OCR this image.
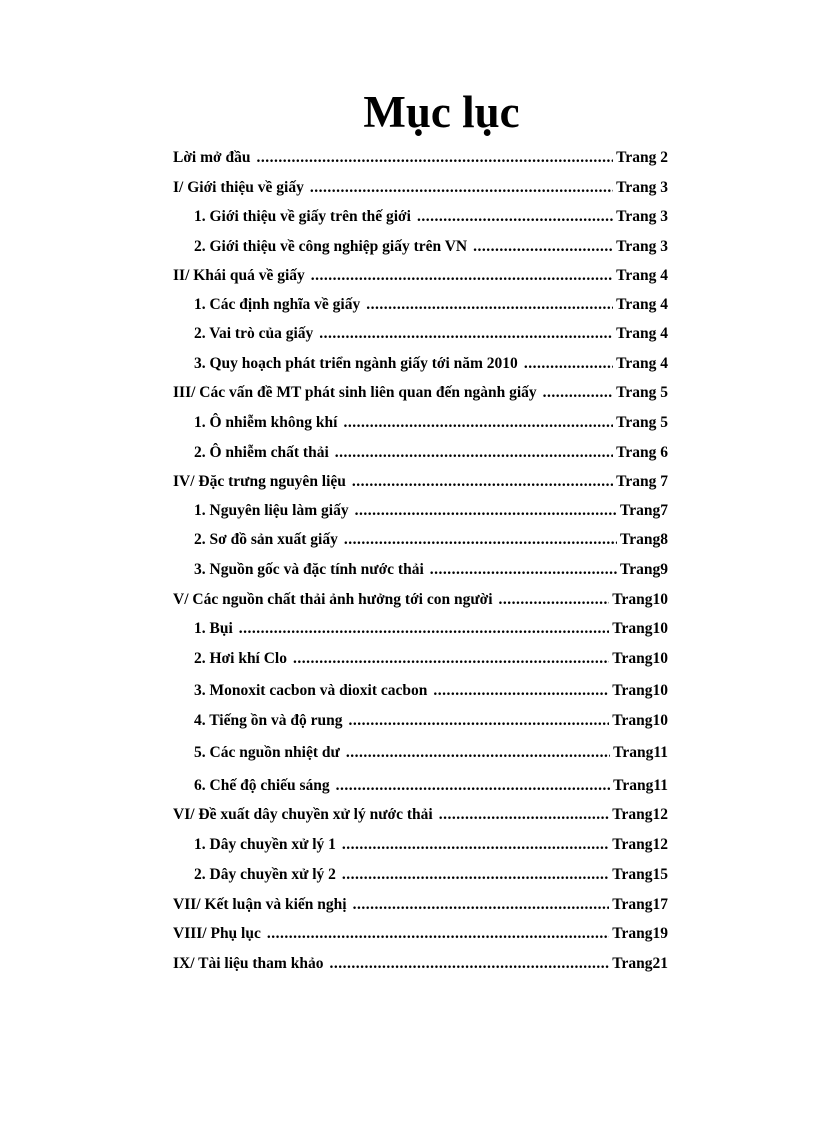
Mục lục
Lời mở đầu .....	Trang 2
I/ Giới thiệu về giấy .....	Trang 3
1. Giới thiệu về giấy trên thế giới .....	Trang 3
2. Giới thiệu về công nghiệp giấy trên VN .....	Trang 3
II/ Khái quá về giấy .....	Trang 4
1. Các định nghĩa về giấy .....	Trang 4
2. Vai trò của giấy .....	Trang 4
3. Quy hoạch phát triển ngành giấy tới năm 2010 .....	Trang 4
III/ Các vấn đề MT phát sinh liên quan đến ngành giấy .....	Trang 5
1. Ô nhiễm không khí .....	Trang 5
2. Ô nhiễm chất thải .....	Trang 6
IV/ Đặc trưng nguyên liệu .....	Trang 7
1. Nguyên liệu làm giấy .....	Trang7
2. Sơ đồ sản xuất giấy .....	Trang8
3. Nguồn gốc và đặc tính nước thải .....	Trang9
V/ Các nguồn chất thải ảnh hưởng tới con người .....	Trang10
1. Bụi .....	Trang10
2. Hơi khí Clo .....	Trang10
3. Monoxit cacbon và dioxit cacbon .....	Trang10
4. Tiếng ồn và độ rung .....	Trang10
5. Các nguồn nhiệt dư .....	Trang11
6. Chế độ chiếu sáng .....	Trang11
VI/ Đề xuất dây chuyền xử lý nước thải .....	Trang12
1. Dây chuyền xử lý 1 .....	Trang12
2. Dây chuyền xử lý 2 .....	Trang15
VII/ Kết luận và kiến nghị .....	Trang17
VIII/ Phụ lục .....	Trang19
IX/ Tài liệu tham khảo .....	Trang21
